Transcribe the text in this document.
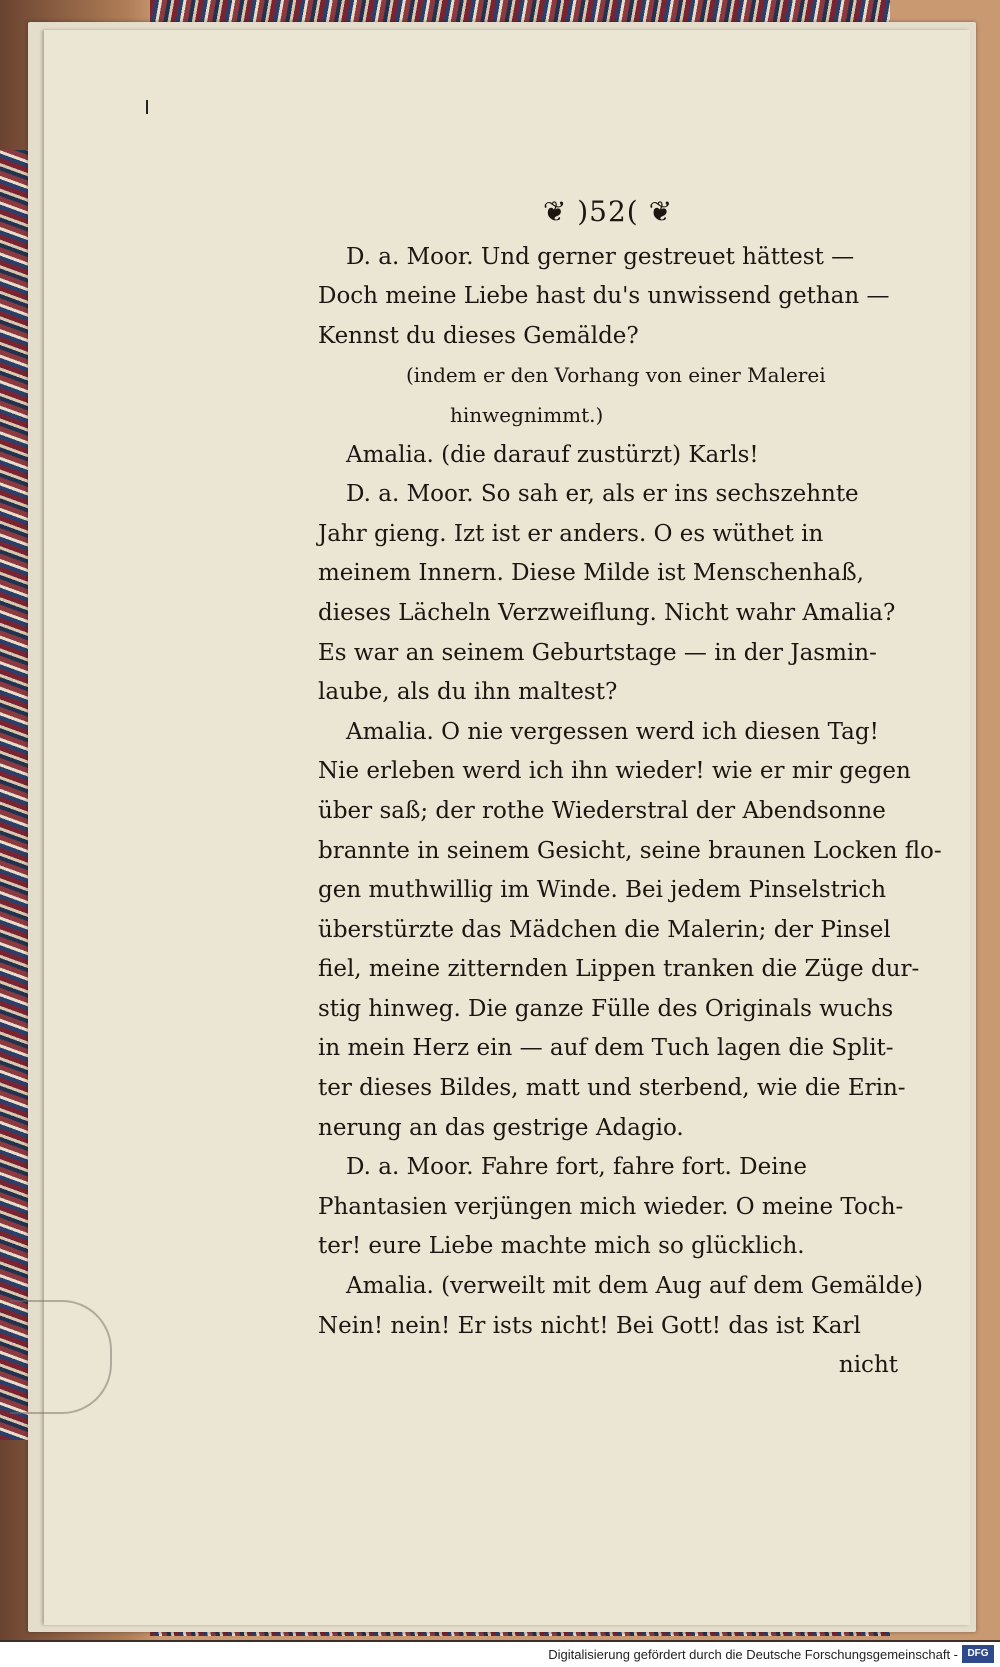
❦ )52( ❦
D. a. Moor. Und gerner gestreuet hättest —
Doch meine Liebe hast du's unwissend gethan —
Kennst du dieses Gemälde?
(indem er den Vorhang von einer Malerei
hinwegnimmt.)
Amalia. (die darauf zustürzt) Karls!
D. a. Moor. So sah er, als er ins sechszehnte
Jahr gieng. Izt ist er anders. O es wüthet in
meinem Innern. Diese Milde ist Menschenhaß,
dieses Lächeln Verzweiflung. Nicht wahr Amalia?
Es war an seinem Geburtstage — in der Jasmin-
laube, als du ihn maltest?
Amalia. O nie vergessen werd ich diesen Tag!
Nie erleben werd ich ihn wieder! wie er mir gegen
über saß; der rothe Wiederstral der Abendsonne
brannte in seinem Gesicht, seine braunen Locken flo-
gen muthwillig im Winde. Bei jedem Pinselstrich
überstürzte das Mädchen die Malerin; der Pinsel
fiel, meine zitternden Lippen tranken die Züge dur-
stig hinweg. Die ganze Fülle des Originals wuchs
in mein Herz ein — auf dem Tuch lagen die Split-
ter dieses Bildes, matt und sterbend, wie die Erin-
nerung an das gestrige Adagio.
D. a. Moor. Fahre fort, fahre fort. Deine
Phantasien verjüngen mich wieder. O meine Toch-
ter! eure Liebe machte mich so glücklich.
Amalia. (verweilt mit dem Aug auf dem Gemälde)
Nein! nein! Er ists nicht! Bei Gott! das ist Karl
nicht
Digitalisierung gefördert durch die Deutsche Forschungsgemeinschaft - DFG
